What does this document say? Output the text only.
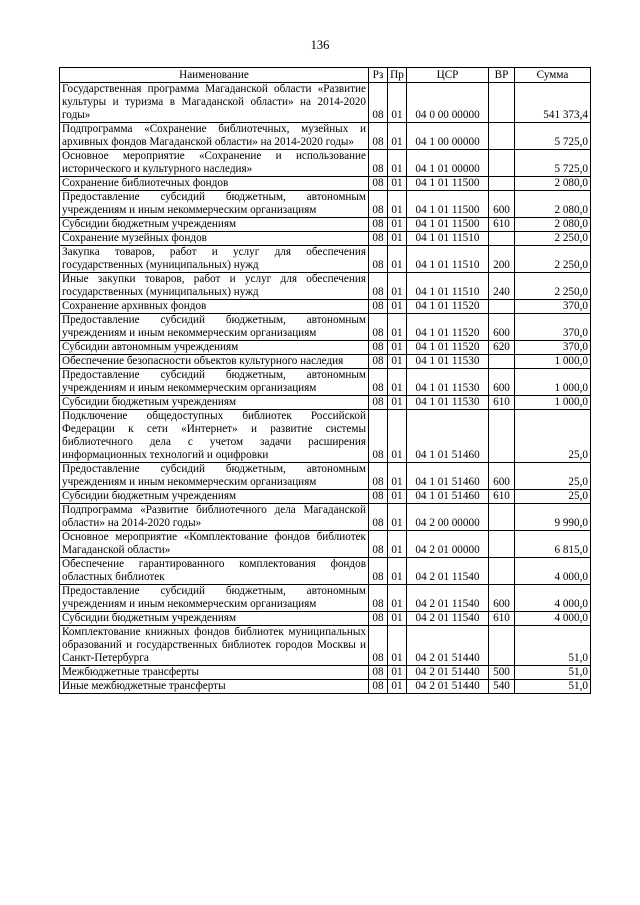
136
Наименование	Рз	Пр	ЦСР	ВР	Сумма
Государственная программа Магаданской области «Развитие культуры и туризма в Магаданской области» на 2014-2020 годы»	08	01	04 0 00 00000		541 373,4
Подпрограмма «Сохранение библиотечных, музейных и архивных фондов Магаданской области» на 2014-2020 годы»	08	01	04 1 00 00000		5 725,0
Основное мероприятие «Сохранение и использование исторического и культурного наследия»	08	01	04 1 01 00000		5 725,0
Сохранение библиотечных фондов	08	01	04 1 01 11500		2 080,0
Предоставление субсидий бюджетным, автономным учреждениям и иным некоммерческим организациям	08	01	04 1 01 11500	600	2 080,0
Субсидии бюджетным учреждениям	08	01	04 1 01 11500	610	2 080,0
Сохранение музейных фондов	08	01	04 1 01 11510		2 250,0
Закупка товаров, работ и услуг для обеспечения государственных (муниципальных) нужд	08	01	04 1 01 11510	200	2 250,0
Иные закупки товаров, работ и услуг для обеспечения государственных (муниципальных) нужд	08	01	04 1 01 11510	240	2 250,0
Сохранение архивных фондов	08	01	04 1 01 11520		370,0
Предоставление субсидий бюджетным, автономным учреждениям и иным некоммерческим организациям	08	01	04 1 01 11520	600	370,0
Субсидии автономным учреждениям	08	01	04 1 01 11520	620	370,0
Обеспечение безопасности объектов культурного наследия	08	01	04 1 01 11530		1 000,0
Предоставление субсидий бюджетным, автономным учреждениям и иным некоммерческим организациям	08	01	04 1 01 11530	600	1 000,0
Субсидии бюджетным учреждениям	08	01	04 1 01 11530	610	1 000,0
Подключение общедоступных библиотек Российской Федерации к сети «Интернет» и развитие системы библиотечного дела с учетом задачи расширения информационных технологий и оцифровки	08	01	04 1 01 51460		25,0
Предоставление субсидий бюджетным, автономным учреждениям и иным некоммерческим организациям	08	01	04 1 01 51460	600	25,0
Субсидии бюджетным учреждениям	08	01	04 1 01 51460	610	25,0
Подпрограмма «Развитие библиотечного дела Магаданской области» на 2014-2020 годы»	08	01	04 2 00 00000		9 990,0
Основное мероприятие «Комплектование фондов библиотек Магаданской области»	08	01	04 2 01 00000		6 815,0
Обеспечение гарантированного комплектования фондов областных библиотек	08	01	04 2 01 11540		4 000,0
Предоставление субсидий бюджетным, автономным учреждениям и иным некоммерческим организациям	08	01	04 2 01 11540	600	4 000,0
Субсидии бюджетным учреждениям	08	01	04 2 01 11540	610	4 000,0
Комплектование книжных фондов библиотек муниципальных образований и государственных библиотек городов Москвы и Санкт-Петербурга	08	01	04 2 01 51440		51,0
Межбюджетные трансферты	08	01	04 2 01 51440	500	51,0
Иные межбюджетные трансферты	08	01	04 2 01 51440	540	51,0
